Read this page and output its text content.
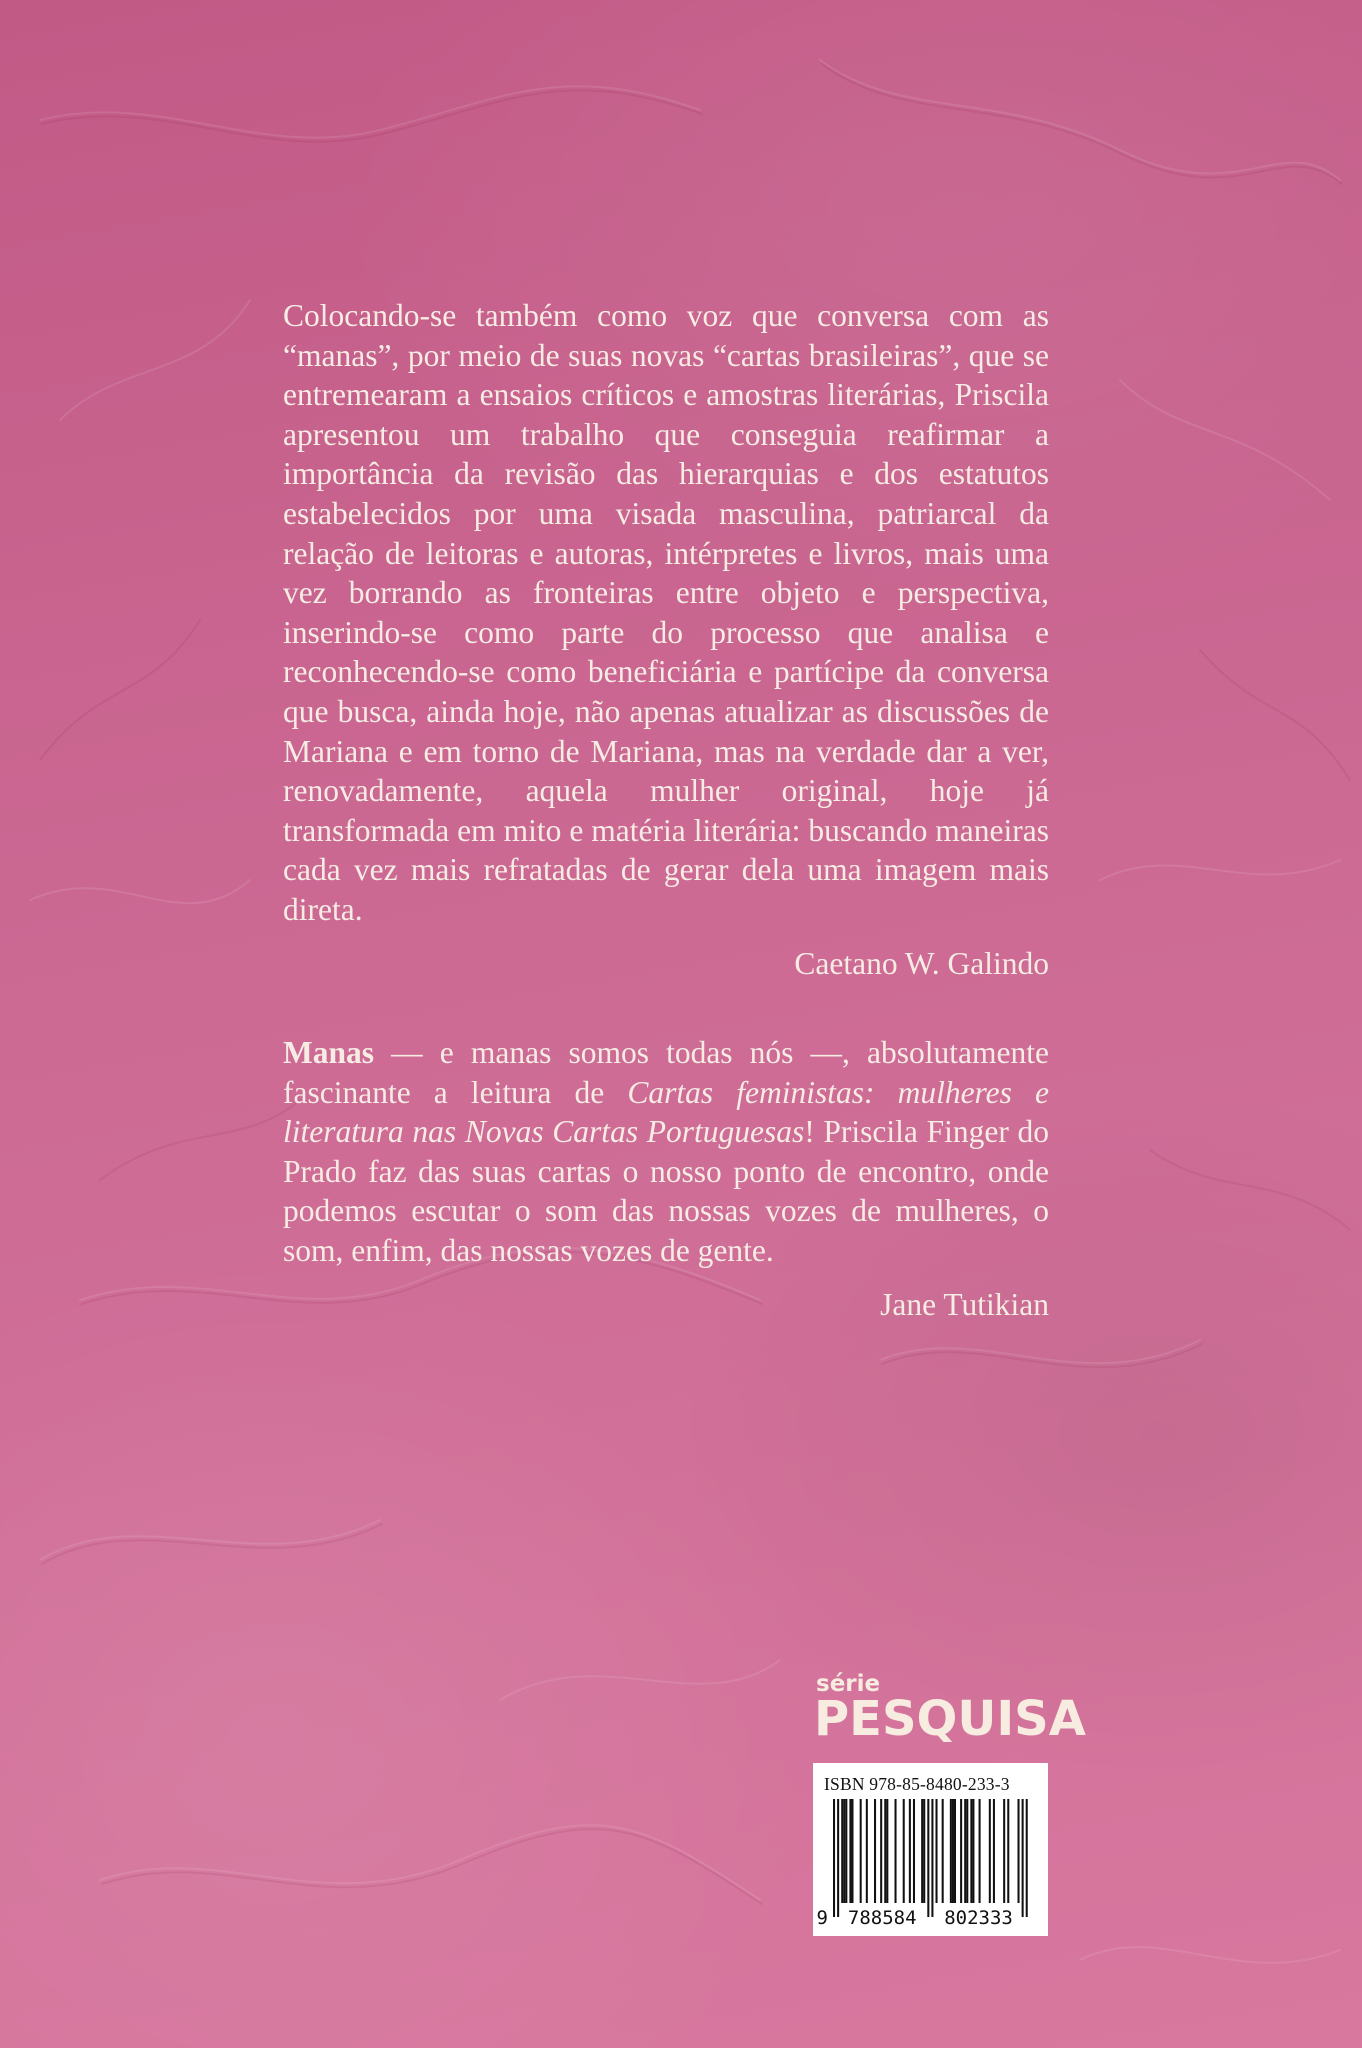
Colocando-se também como voz que conversa com as “manas”, por meio de suas novas “cartas brasileiras”, que se entremearam a ensaios críticos e amostras literárias, Priscila apresentou um trabalho que conseguia reafirmar a importância da revisão das hierarquias e dos estatutos estabelecidos por uma visada masculina, patriarcal da relação de leitoras e autoras, intérpretes e livros, mais uma vez borrando as fronteiras entre objeto e perspectiva, inserindo-se como parte do processo que analisa e reconhecendo-se como beneficiária e partícipe da conversa que busca, ainda hoje, não apenas atualizar as discussões de Mariana e em torno de Mariana, mas na verdade dar a ver, renovadamente, aquela mulher original, hoje já transformada em mito e matéria literária: buscando maneiras cada vez mais refratadas de gerar dela uma imagem mais direta.

Caetano W. Galindo

Manas — e manas somos todas nós —, absolutamente fascinante a leitura de Cartas feministas: mulheres e literatura nas Novas Cartas Portuguesas! Priscila Finger do Prado faz das suas cartas o nosso ponto de encontro, onde podemos escutar o som das nossas vozes de mulheres, o som, enfim, das nossas vozes de gente.

Jane Tutikian

série
PESQUISA
ISBN 978-85-8480-233-3
9 788584 802333
